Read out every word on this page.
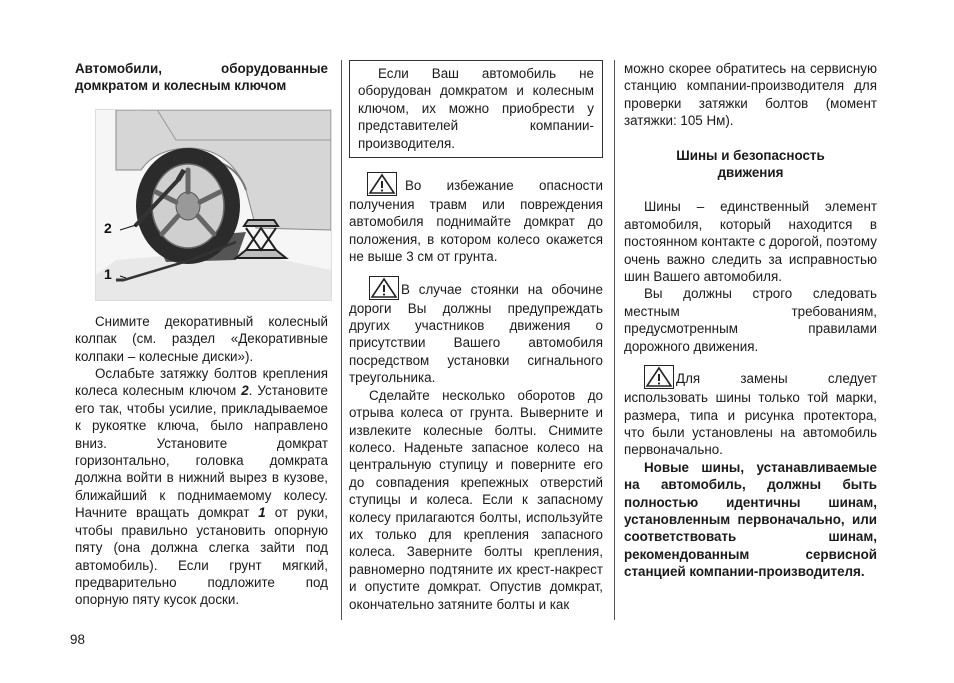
Автомобили, оборудованные домкратом и колесным ключом

2
1

Снимите декоративный колесный колпак (см. раздел «Декоративные колпаки – колесные диски»).

Ослабьте затяжку болтов крепления колеса колесным ключом 2. Установите его так, чтобы усилие, прикладываемое к рукоятке ключа, было направлено вниз. Установите домкрат горизонтально, головка домкрата должна войти в нижний вырез в кузове, ближайший к поднимаемому колесу. Начните вращать домкрат 1 от руки, чтобы правильно установить опорную пяту (она должна слегка зайти под автомобиль). Если грунт мягкий, предварительно подложите под опорную пяту кусок доски.

Если Ваш автомобиль не оборудован домкратом и колесным ключом, их можно приобрести у представителей компании-производителя.

Во избежание опасности получения травм или повреждения автомобиля поднимайте домкрат до положения, в котором колесо окажется не выше 3 см от грунта.

В случае стоянки на обочине дороги Вы должны предупреждать других участников движения о присутствии Вашего автомобиля посредством установки сигнального треугольника.

Сделайте несколько оборотов до отрыва колеса от грунта. Выверните и извлеките колесные болты. Снимите колесо. Наденьте запасное колесо на центральную ступицу и поверните его до совпадения крепежных отверстий ступицы и колеса. Если к запасному колесу прилагаются болты, используйте их только для крепления запасного колеса. Заверните болты крепления, равномерно подтяните их крест-накрест и опустите домкрат. Опустив домкрат, окончательно затяните болты и как

можно скорее обратитесь на сервисную станцию компании-производителя для проверки затяжки болтов (момент затяжки: 105 Нм).

Шины и безопасность движения

Шины – единственный элемент автомобиля, который находится в постоянном контакте с дорогой, поэтому очень важно следить за исправностью шин Вашего автомобиля.

Вы должны строго следовать местным требованиям, предусмотренным правилами дорожного движения.

Для замены следует использовать шины только той марки, размера, типа и рисунка протектора, что были установлены на автомобиль первоначально.

Новые шины, устанавливаемые на автомобиль, должны быть полностью идентичны шинам, установленным первоначально, или соответствовать шинам, рекомендованным сервисной станцией компании-производителя.

98
